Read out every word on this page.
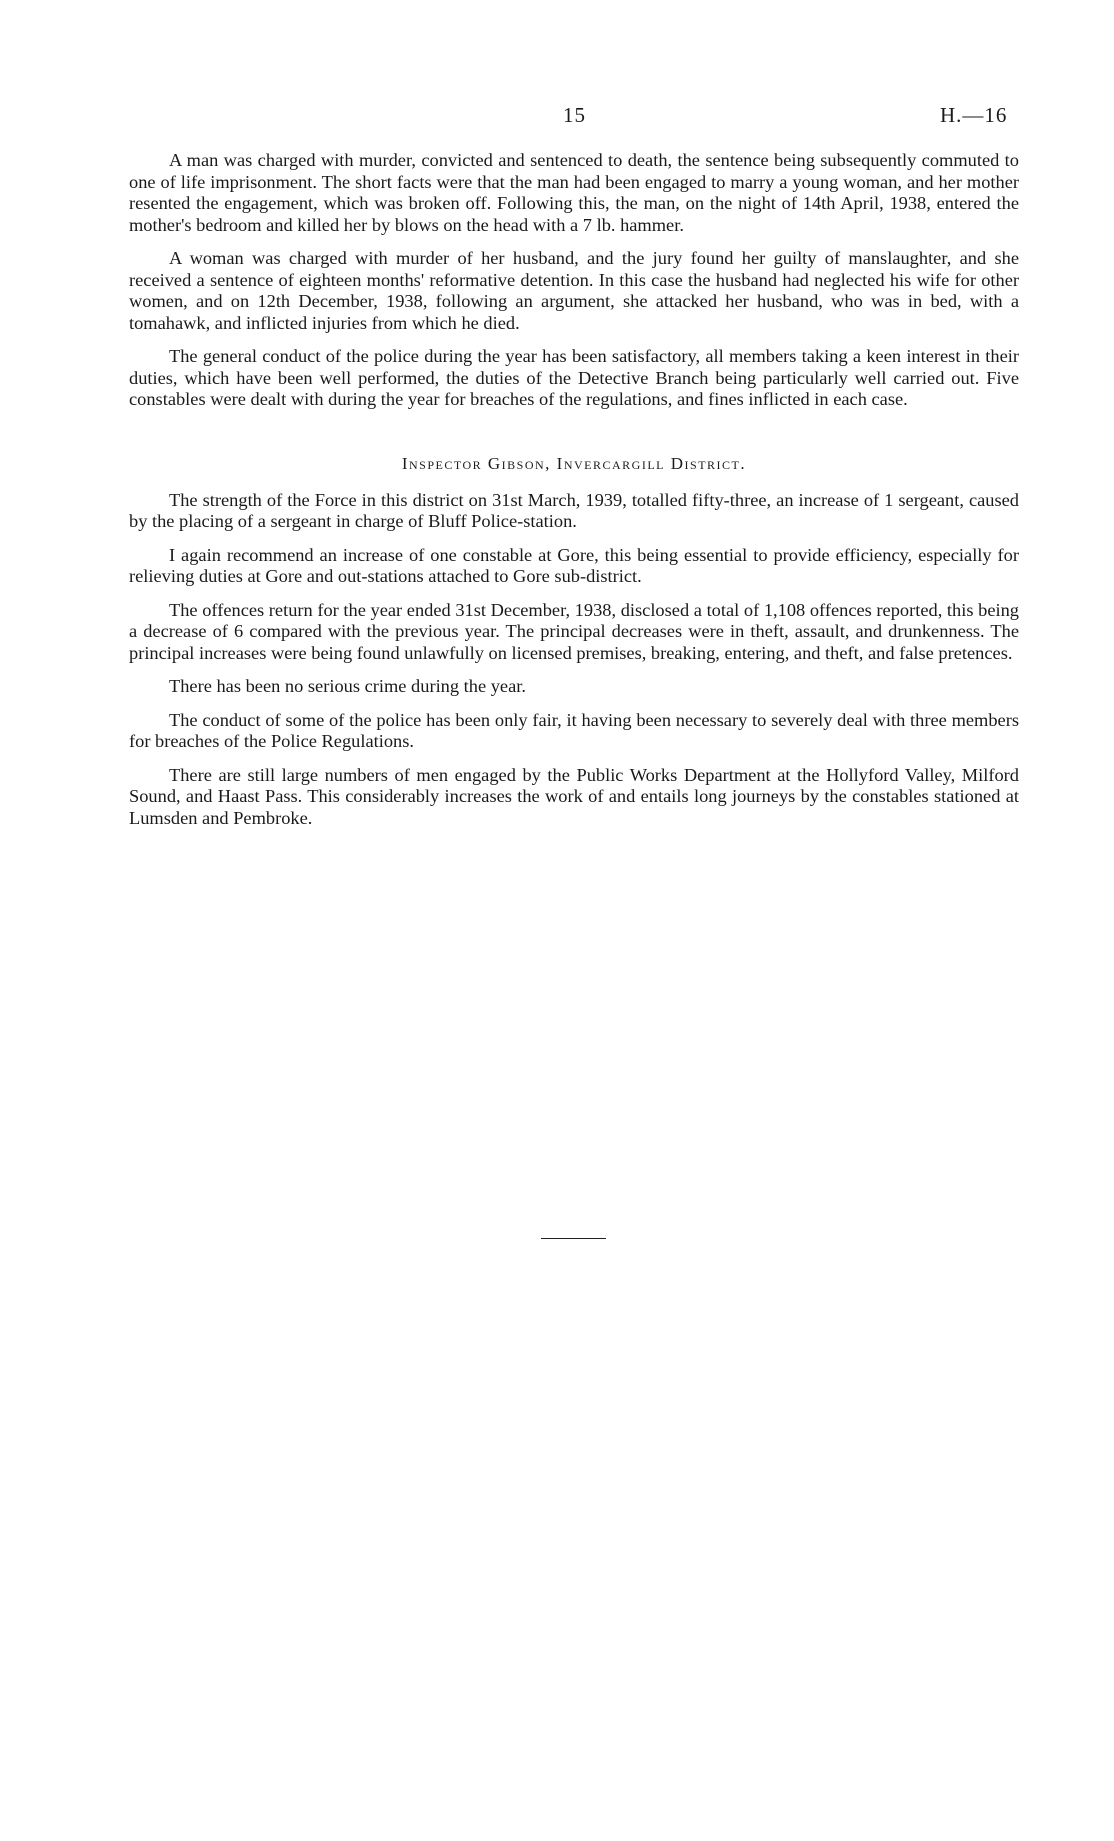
15	H.—16

A man was charged with murder, convicted and sentenced to death, the sentence being subsequently commuted to one of life imprisonment. The short facts were that the man had been engaged to marry a young woman, and her mother resented the engagement, which was broken off. Following this, the man, on the night of 14th April, 1938, entered the mother's bedroom and killed her by blows on the head with a 7 lb. hammer.

A woman was charged with murder of her husband, and the jury found her guilty of manslaughter, and she received a sentence of eighteen months' reformative detention. In this case the husband had neglected his wife for other women, and on 12th December, 1938, following an argument, she attacked her husband, who was in bed, with a tomahawk, and inflicted injuries from which he died.

The general conduct of the police during the year has been satisfactory, all members taking a keen interest in their duties, which have been well performed, the duties of the Detective Branch being particularly well carried out. Five constables were dealt with during the year for breaches of the regulations, and fines inflicted in each case.

Inspector Gibson, Invercargill District.

The strength of the Force in this district on 31st March, 1939, totalled fifty-three, an increase of 1 sergeant, caused by the placing of a sergeant in charge of Bluff Police-station.

I again recommend an increase of one constable at Gore, this being essential to provide efficiency, especially for relieving duties at Gore and out-stations attached to Gore sub-district.

The offences return for the year ended 31st December, 1938, disclosed a total of 1,108 offences reported, this being a decrease of 6 compared with the previous year. The principal decreases were in theft, assault, and drunkenness. The principal increases were being found unlawfully on licensed premises, breaking, entering, and theft, and false pretences.

There has been no serious crime during the year.

The conduct of some of the police has been only fair, it having been necessary to severely deal with three members for breaches of the Police Regulations.

There are still large numbers of men engaged by the Public Works Department at the Hollyford Valley, Milford Sound, and Haast Pass. This considerably increases the work of and entails long journeys by the constables stationed at Lumsden and Pembroke.
